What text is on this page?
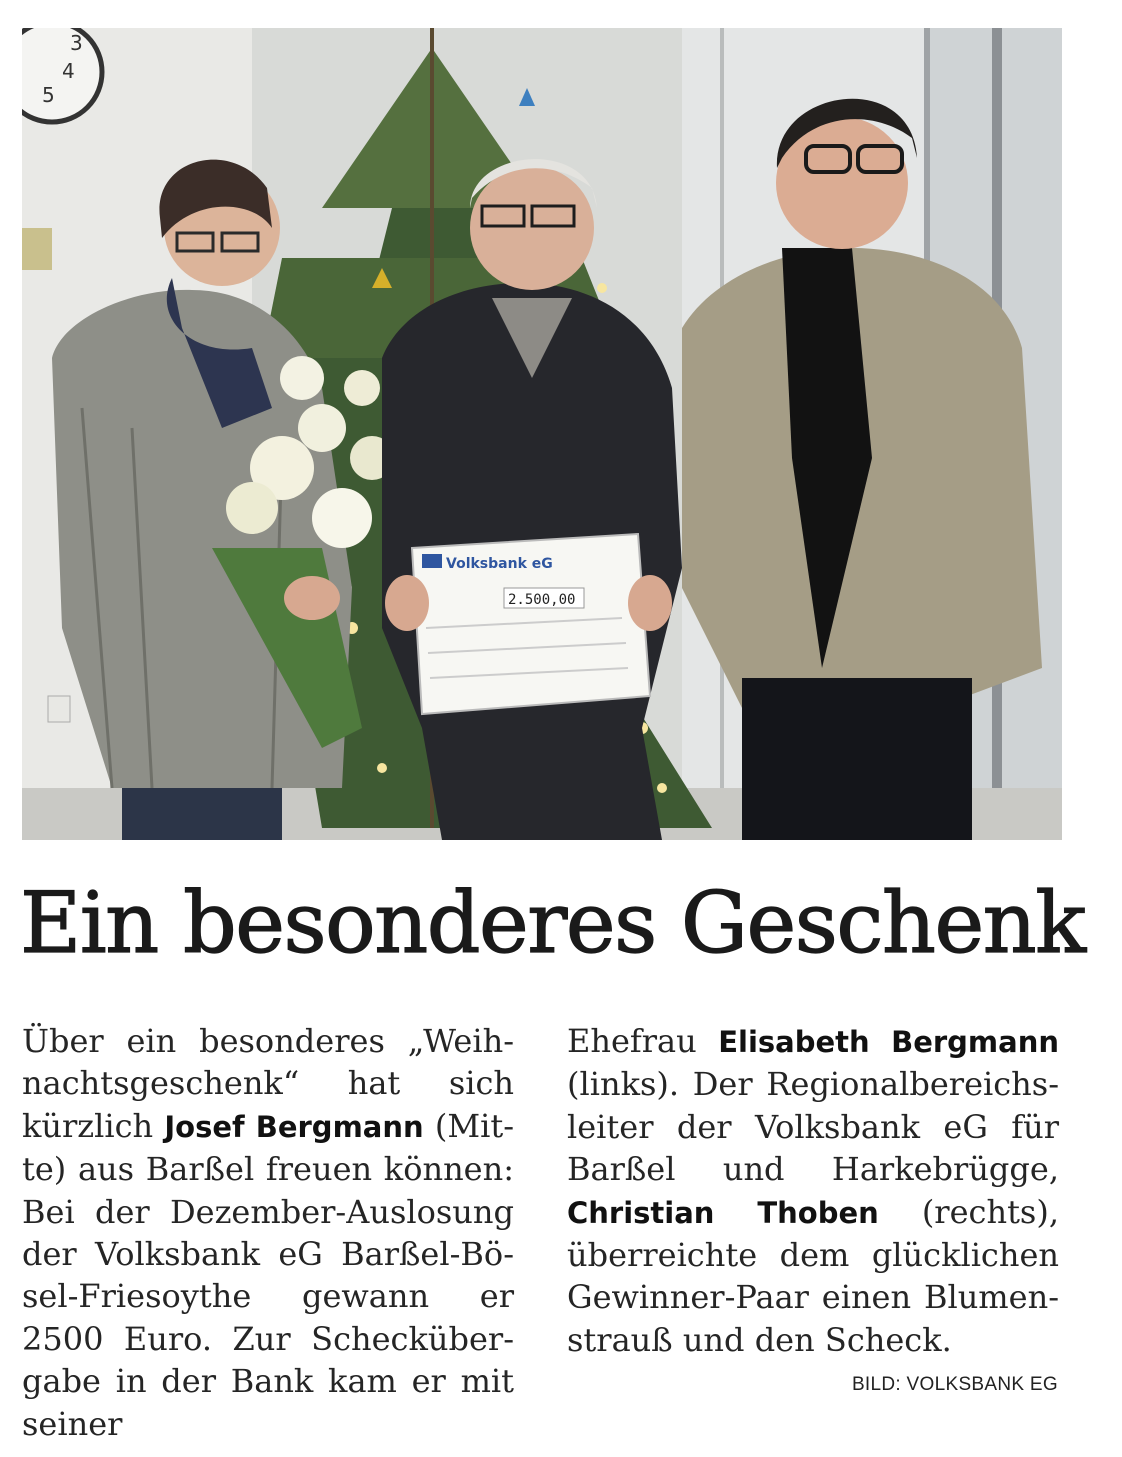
3
4
5
Volksbank eG
2.500,00
Ein besonderes Geschenk
Über ein besonderes „Weihnachtsgeschenk“ hat sich kürzlich Josef Bergmann (Mitte) aus Barßel freuen können: Bei der Dezember-Auslosung der Volksbank eG Barßel-Bösel-Friesoythe gewann er 2500 Euro. Zur Scheckübergabe in der Bank kam er mit seiner
Ehefrau Elisabeth Bergmann (links). Der Regionalbereichsleiter der Volksbank eG für Barßel und Harkebrügge, Christian Thoben (rechts), überreichte dem glücklichen Gewinner-Paar einen Blumenstrauß und den Scheck.
BILD: VOLKSBANK EG
